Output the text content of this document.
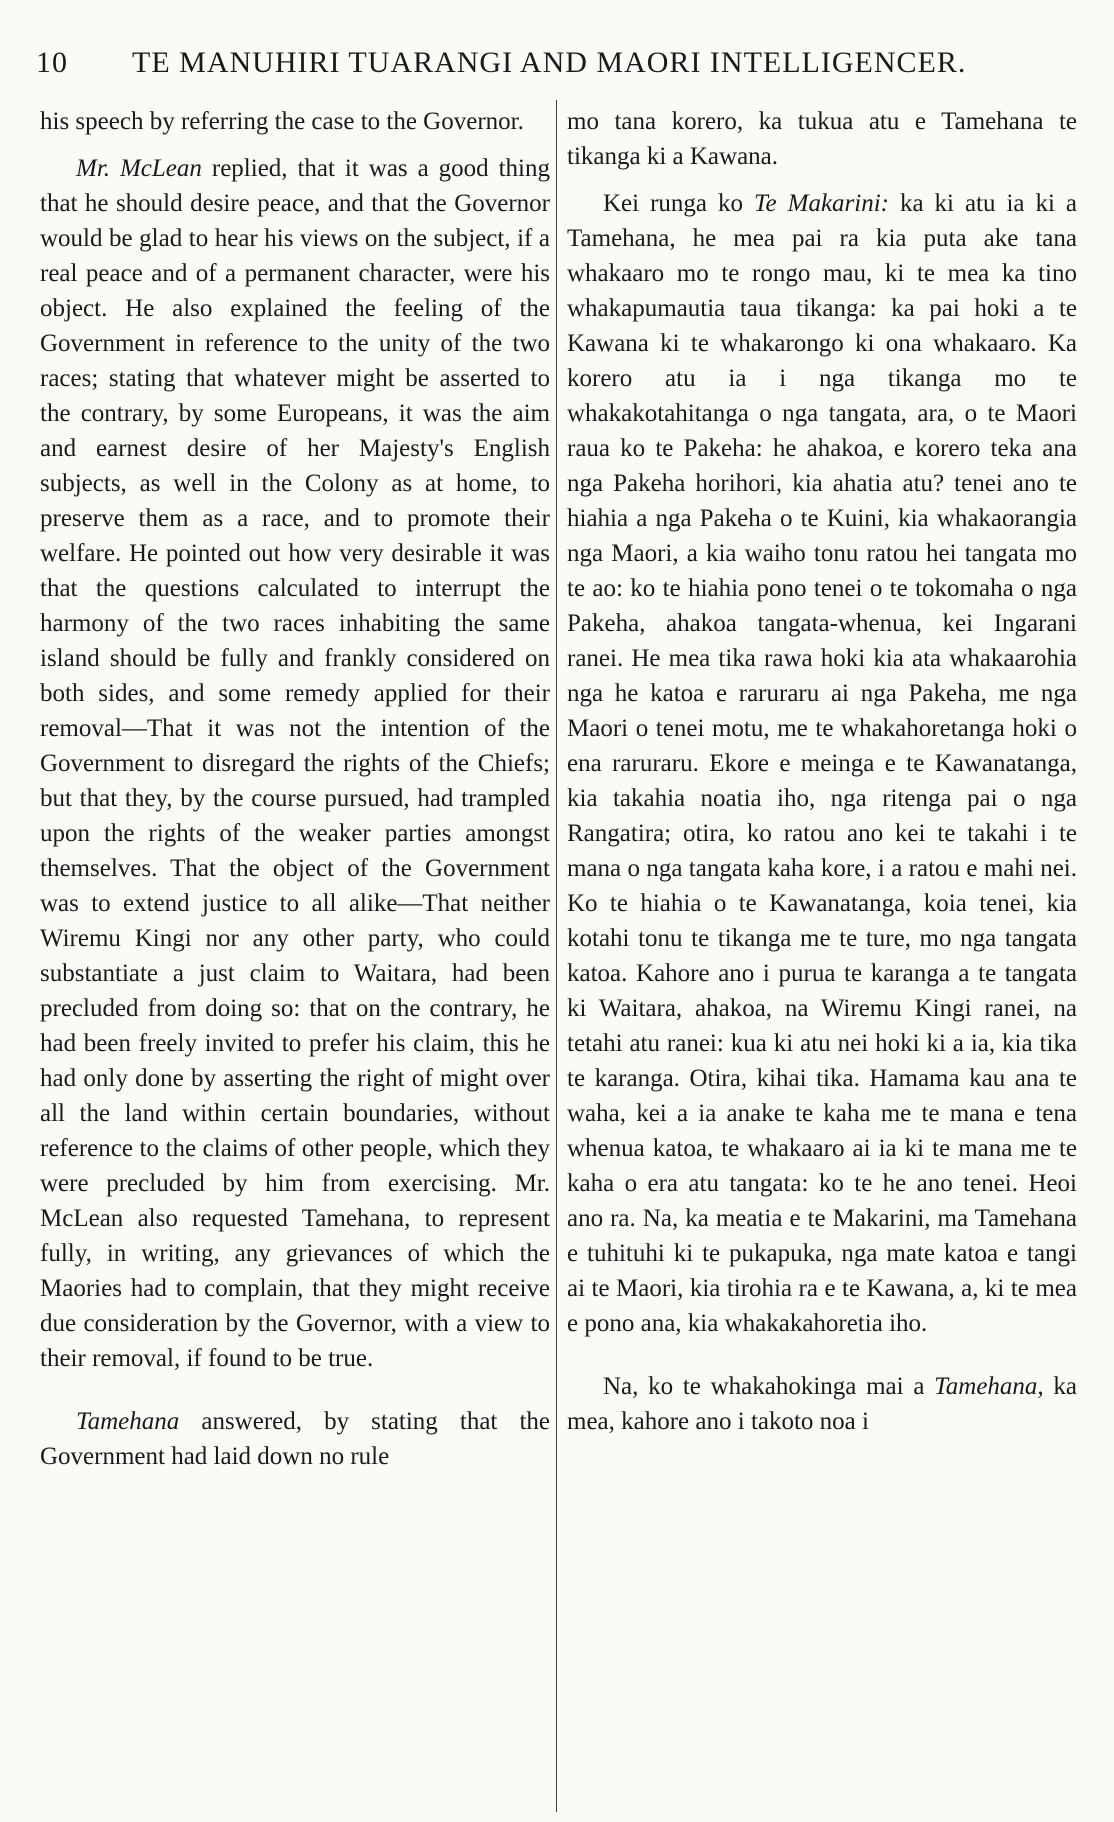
10 TE MANUHIRI TUARANGI AND MAORI INTELLIGENCER.

his speech by referring the case to the Governor.

Mr. McLean replied, that it was a good thing that he should desire peace, and that the Governor would be glad to hear his views on the subject, if a real peace and of a permanent character, were his object. He also explained the feeling of the Government in reference to the unity of the two races; stating that whatever might be asserted to the contrary, by some Europeans, it was the aim and earnest desire of her Majesty's English subjects, as well in the Colony as at home, to preserve them as a race, and to promote their welfare. He pointed out how very desirable it was that the questions calculated to interrupt the harmony of the two races inhabiting the same island should be fully and frankly considered on both sides, and some remedy applied for their removal—That it was not the intention of the Government to disregard the rights of the Chiefs; but that they, by the course pursued, had trampled upon the rights of the weaker parties amongst themselves. That the object of the Government was to extend justice to all alike—That neither Wiremu Kingi nor any other party, who could substantiate a just claim to Waitara, had been precluded from doing so: that on the contrary, he had been freely invited to prefer his claim, this he had only done by asserting the right of might over all the land within certain boundaries, without reference to the claims of other people, which they were precluded by him from exercising. Mr. McLean also requested Tamehana, to represent fully, in writing, any grievances of which the Maories had to complain, that they might receive due consideration by the Governor, with a view to their removal, if found to be true.

Tamehana answered, by stating that the Government had laid down no rule

mo tana korero, ka tukua atu e Tamehana te tikanga ki a Kawana.

Kei runga ko Te Makarini: ka ki atu ia ki a Tamehana, he mea pai ra kia puta ake tana whakaaro mo te rongo mau, ki te mea ka tino whakapumautia taua tikanga: ka pai hoki a te Kawana ki te whakarongo ki ona whakaaro. Ka korero atu ia i nga tikanga mo te whakakotahitanga o nga tangata, ara, o te Maori raua ko te Pakeha: he ahakoa, e korero teka ana nga Pakeha horihori, kia ahatia atu? tenei ano te hiahia a nga Pakeha o te Kuini, kia whakaorangia nga Maori, a kia waiho tonu ratou hei tangata mo te ao: ko te hiahia pono tenei o te tokomaha o nga Pakeha, ahakoa tangata-whenua, kei Ingarani ranei. He mea tika rawa hoki kia ata whakaarohia nga he katoa e raruraru ai nga Pakeha, me nga Maori o tenei motu, me te whakahoretanga hoki o ena raruraru. Ekore e meinga e te Kawanatanga, kia takahia noatia iho, nga ritenga pai o nga Rangatira; otira, ko ratou ano kei te takahi i te mana o nga tangata kaha kore, i a ratou e mahi nei. Ko te hiahia o te Kawanatanga, koia tenei, kia kotahi tonu te tikanga me te ture, mo nga tangata katoa. Kahore ano i purua te karanga a te tangata ki Waitara, ahakoa, na Wiremu Kingi ranei, na tetahi atu ranei: kua ki atu nei hoki ki a ia, kia tika te karanga. Otira, kihai tika. Hamama kau ana te waha, kei a ia anake te kaha me te mana e tena whenua katoa, te whakaaro ai ia ki te mana me te kaha o era atu tangata: ko te he ano tenei. Heoi ano ra. Na, ka meatia e te Makarini, ma Tamehana e tuhituhi ki te pukapuka, nga mate katoa e tangi ai te Maori, kia tirohia ra e te Kawana, a, ki te mea e pono ana, kia whakakahoretia iho.

Na, ko te whakahokinga mai a Tamehana, ka mea, kahore ano i takoto noa i
